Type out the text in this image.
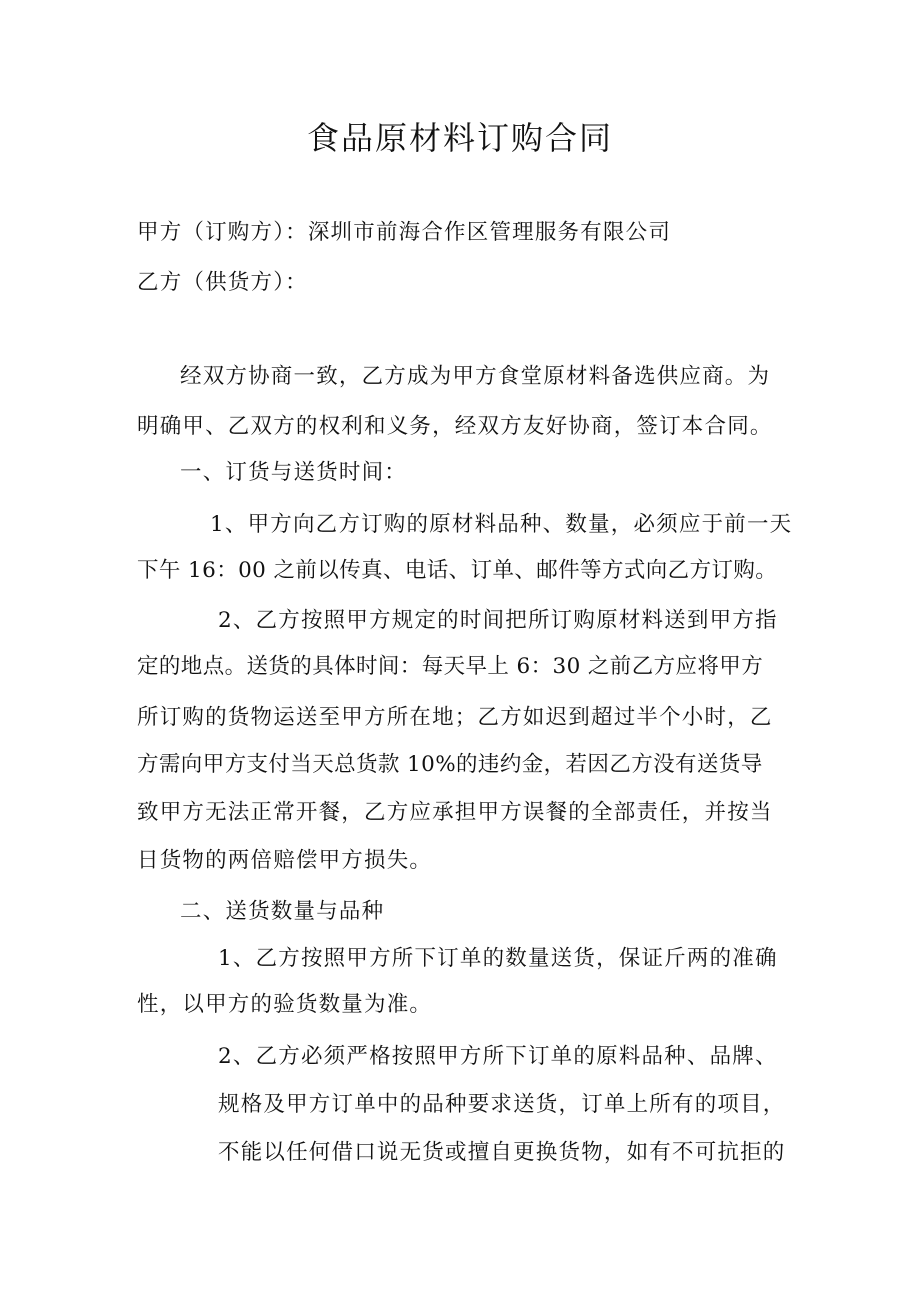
食品原材料订购合同
甲方（订购方）：深圳市前海合作区管理服务有限公司
乙方（供货方）：
经双方协商一致，乙方成为甲方食堂原材料备选供应商。为
明确甲、乙双方的权利和义务，经双方友好协商，签订本合同。
一、订货与送货时间：
1、甲方向乙方订购的原材料品种、数量，必须应于前一天
下午 16：00 之前以传真、电话、订单、邮件等方式向乙方订购。
2、乙方按照甲方规定的时间把所订购原材料送到甲方指
定的地点。送货的具体时间：每天早上 6：30 之前乙方应将甲方
所订购的货物运送至甲方所在地；乙方如迟到超过半个小时，乙
方需向甲方支付当天总货款 10%的违约金，若因乙方没有送货导
致甲方无法正常开餐，乙方应承担甲方误餐的全部责任，并按当
日货物的两倍赔偿甲方损失。
二、送货数量与品种
1、乙方按照甲方所下订单的数量送货，保证斤两的准确
性，以甲方的验货数量为准。
2、乙方必须严格按照甲方所下订单的原料品种、品牌、
规格及甲方订单中的品种要求送货，订单上所有的项目，
不能以任何借口说无货或擅自更换货物，如有不可抗拒的
